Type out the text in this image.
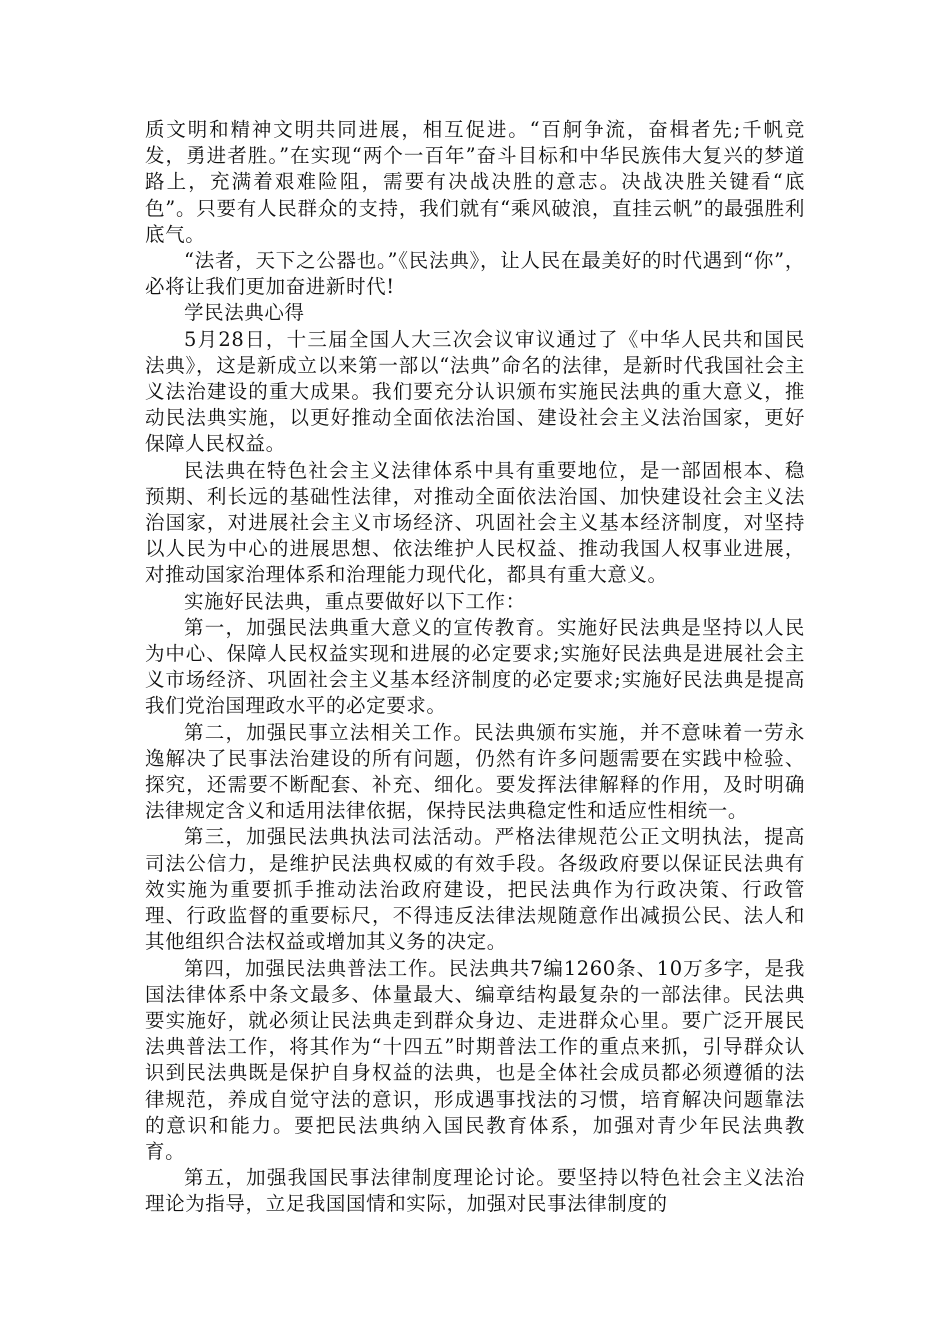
质文明和精神文明共同进展，相互促进。“百舸争流，奋楫者先;千帆竞发，勇进者胜。”在实现“两个一百年”奋斗目标和中华民族伟大复兴的梦道路上，充满着艰难险阻，需要有决战决胜的意志。决战决胜关键看“底色”。只要有人民群众的支持，我们就有“乘风破浪，直挂云帆”的最强胜利底气。

“法者，天下之公器也。”《民法典》，让人民在最美好的时代遇到“你”，必将让我们更加奋进新时代!

学民法典心得

5月28日，十三届全国人大三次会议审议通过了《中华人民共和国民法典》，这是新成立以来第一部以“法典”命名的法律，是新时代我国社会主义法治建设的重大成果。我们要充分认识颁布实施民法典的重大意义，推动民法典实施，以更好推动全面依法治国、建设社会主义法治国家，更好保障人民权益。

民法典在特色社会主义法律体系中具有重要地位，是一部固根本、稳预期、利长远的基础性法律，对推动全面依法治国、加快建设社会主义法治国家，对进展社会主义市场经济、巩固社会主义基本经济制度，对坚持以人民为中心的进展思想、依法维护人民权益、推动我国人权事业进展，对推动国家治理体系和治理能力现代化，都具有重大意义。

实施好民法典，重点要做好以下工作：

第一，加强民法典重大意义的宣传教育。实施好民法典是坚持以人民为中心、保障人民权益实现和进展的必定要求;实施好民法典是进展社会主义市场经济、巩固社会主义基本经济制度的必定要求;实施好民法典是提高我们党治国理政水平的必定要求。

第二，加强民事立法相关工作。民法典颁布实施，并不意味着一劳永逸解决了民事法治建设的所有问题，仍然有许多问题需要在实践中检验、探究，还需要不断配套、补充、细化。要发挥法律解释的作用，及时明确法律规定含义和适用法律依据，保持民法典稳定性和适应性相统一。

第三，加强民法典执法司法活动。严格法律规范公正文明执法，提高司法公信力，是维护民法典权威的有效手段。各级政府要以保证民法典有效实施为重要抓手推动法治政府建设，把民法典作为行政决策、行政管理、行政监督的重要标尺，不得违反法律法规随意作出减损公民、法人和其他组织合法权益或增加其义务的决定。

第四，加强民法典普法工作。民法典共7编1260条、10万多字，是我国法律体系中条文最多、体量最大、编章结构最复杂的一部法律。民法典要实施好，就必须让民法典走到群众身边、走进群众心里。要广泛开展民法典普法工作，将其作为“十四五”时期普法工作的重点来抓，引导群众认识到民法典既是保护自身权益的法典，也是全体社会成员都必须遵循的法律规范，养成自觉守法的意识，形成遇事找法的习惯，培育解决问题靠法的意识和能力。要把民法典纳入国民教育体系，加强对青少年民法典教育。

第五，加强我国民事法律制度理论讨论。要坚持以特色社会主义法治理论为指导，立足我国国情和实际，加强对民事法律制度的
